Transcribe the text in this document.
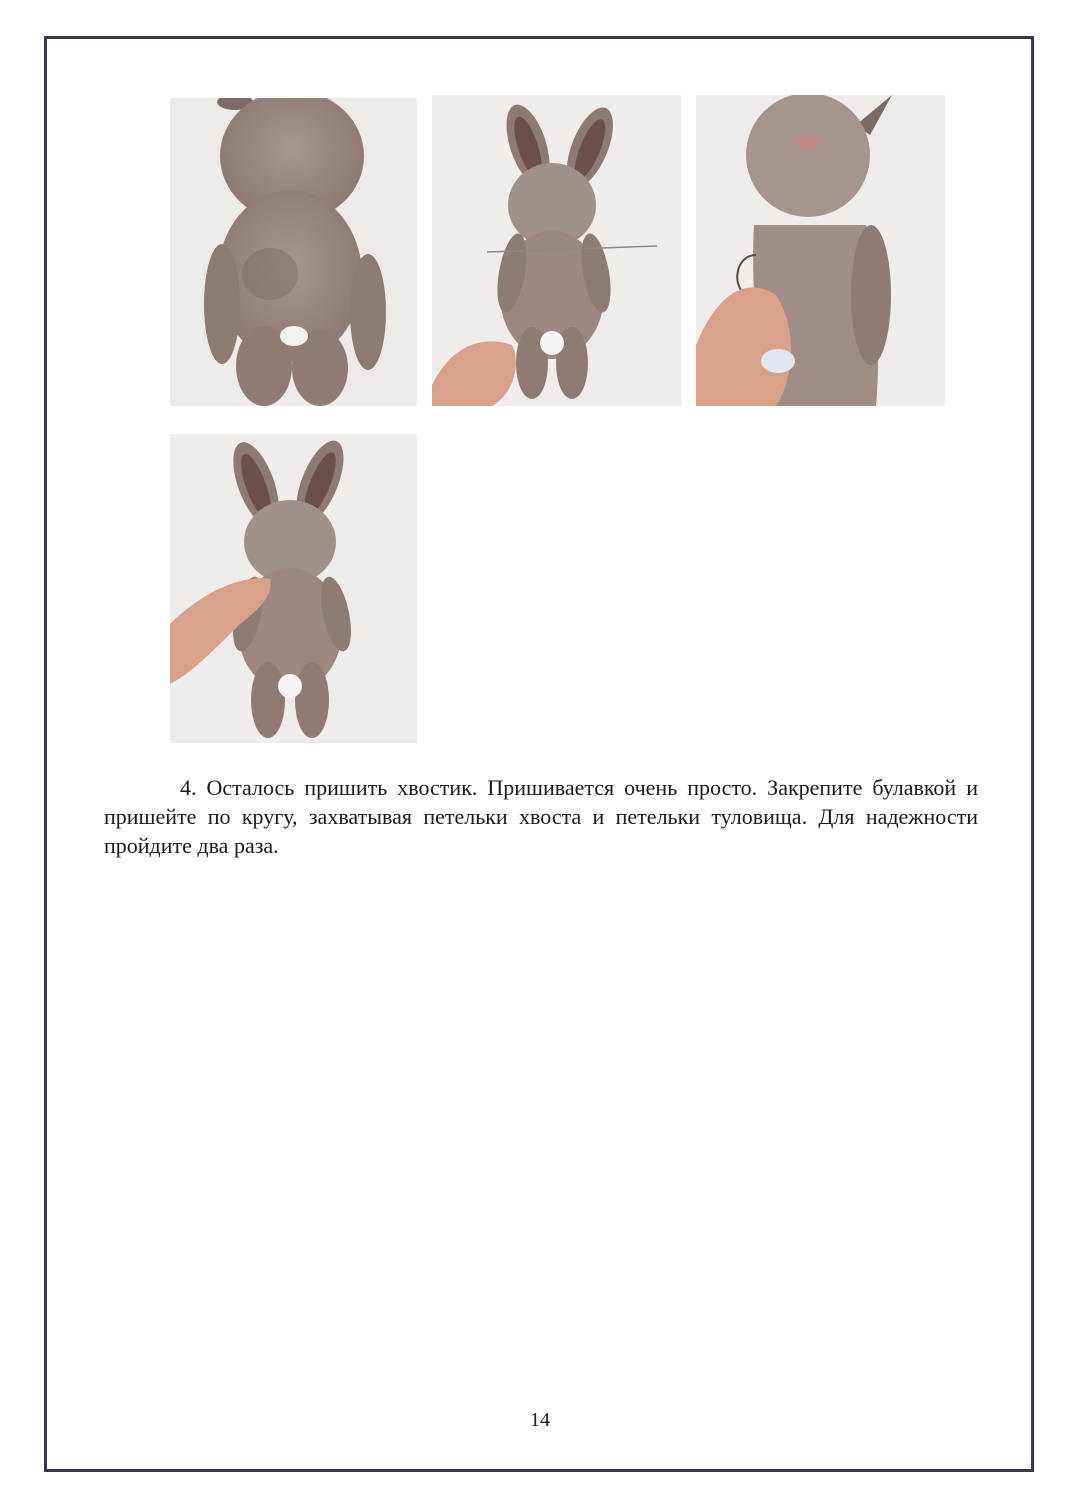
4. Осталось пришить хвостик. Пришивается очень просто. Закрепите булавкой и пришейте по кругу, захватывая петельки хвоста и петельки туловища. Для надежности пройдите два раза.

14
